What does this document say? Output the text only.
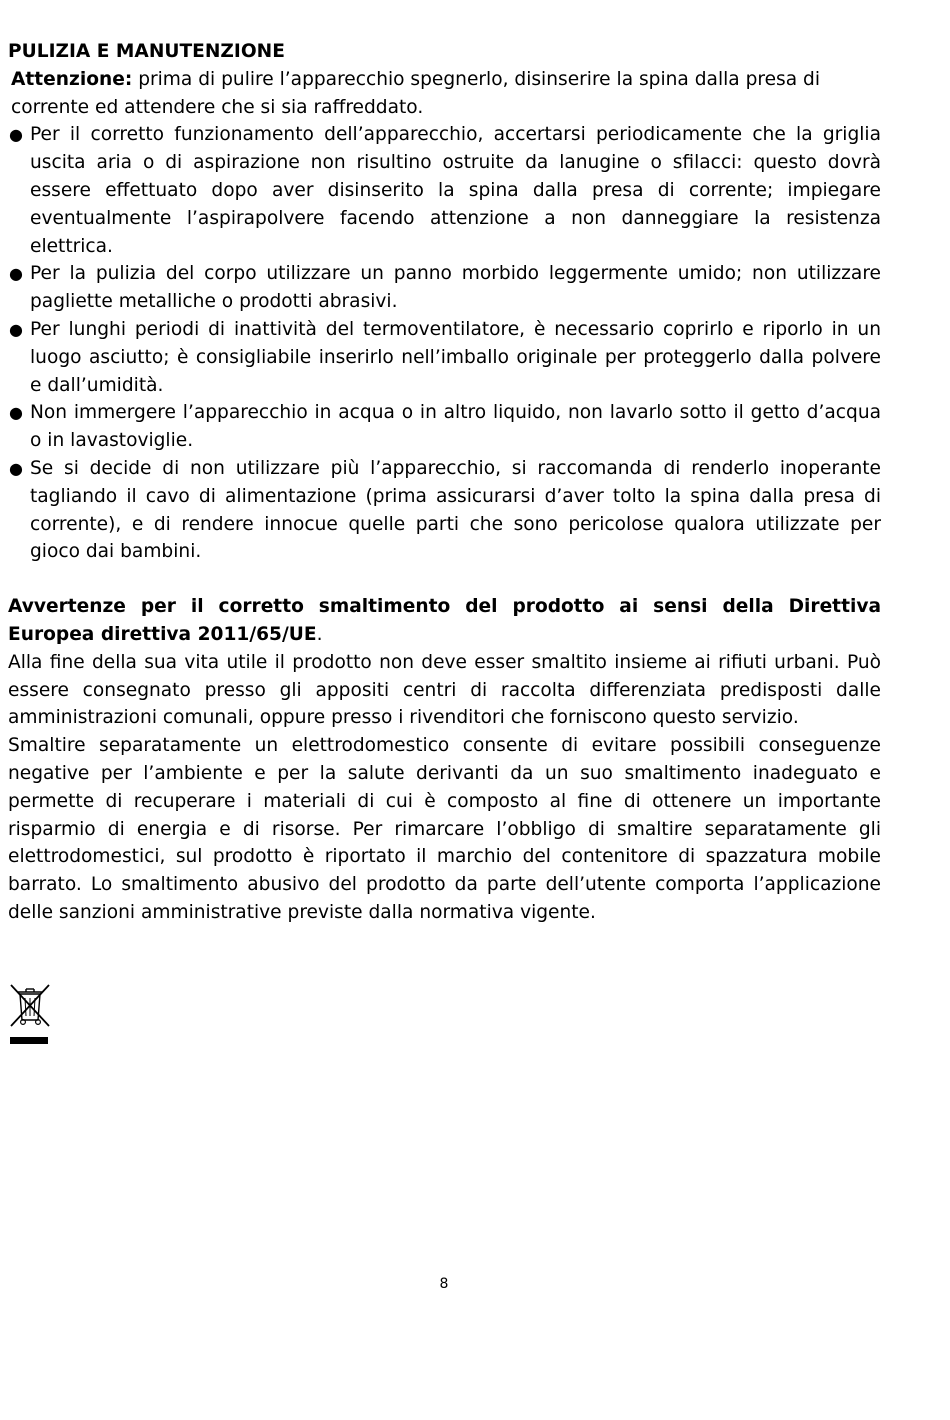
PULIZIA E MANUTENZIONE
Attenzione: prima di pulire l’apparecchio spegnerlo, disinserire la spina dalla presa di corrente ed attendere che si sia raffreddato.
● Per il corretto funzionamento dell’apparecchio, accertarsi periodicamente che la griglia uscita aria o di aspirazione non risultino ostruite da lanugine o sfilacci: questo dovrà essere effettuato dopo aver disinserito la spina dalla presa di corrente; impiegare eventualmente l’aspirapolvere facendo attenzione a non danneggiare la resistenza elettrica.
● Per la pulizia del corpo utilizzare un panno morbido leggermente umido; non utilizzare pagliette metalliche o prodotti abrasivi.
● Per lunghi periodi di inattività del termoventilatore, è necessario coprirlo e riporlo in un luogo asciutto; è consigliabile inserirlo nell’imballo originale per proteggerlo dalla polvere e dall’umidità.
● Non immergere l’apparecchio in acqua o in altro liquido, non lavarlo sotto il getto d’acqua o in lavastoviglie.
● Se si decide di non utilizzare più l’apparecchio, si raccomanda di renderlo inoperante tagliando il cavo di alimentazione (prima assicurarsi d’aver tolto la spina dalla presa di corrente), e di rendere innocue quelle parti che sono pericolose qualora utilizzate per gioco dai bambini.

Avvertenze per il corretto smaltimento del prodotto ai sensi della Direttiva Europea direttiva 2011/65/UE.

Alla fine della sua vita utile il prodotto non deve esser smaltito insieme ai rifiuti urbani. Può essere consegnato presso gli appositi centri di raccolta differenziata predisposti dalle amministrazioni comunali, oppure presso i rivenditori che forniscono questo servizio.

Smaltire separatamente un elettrodomestico consente di evitare possibili conseguenze negative per l’ambiente e per la salute derivanti da un suo smaltimento inadeguato e permette di recuperare i materiali di cui è composto al fine di ottenere un importante risparmio di energia e di risorse. Per rimarcare l’obbligo di smaltire separatamente gli elettrodomestici, sul prodotto è riportato il marchio del contenitore di spazzatura mobile barrato. Lo smaltimento abusivo del prodotto da parte dell’utente comporta l’applicazione delle sanzioni amministrative previste dalla normativa vigente.

8
